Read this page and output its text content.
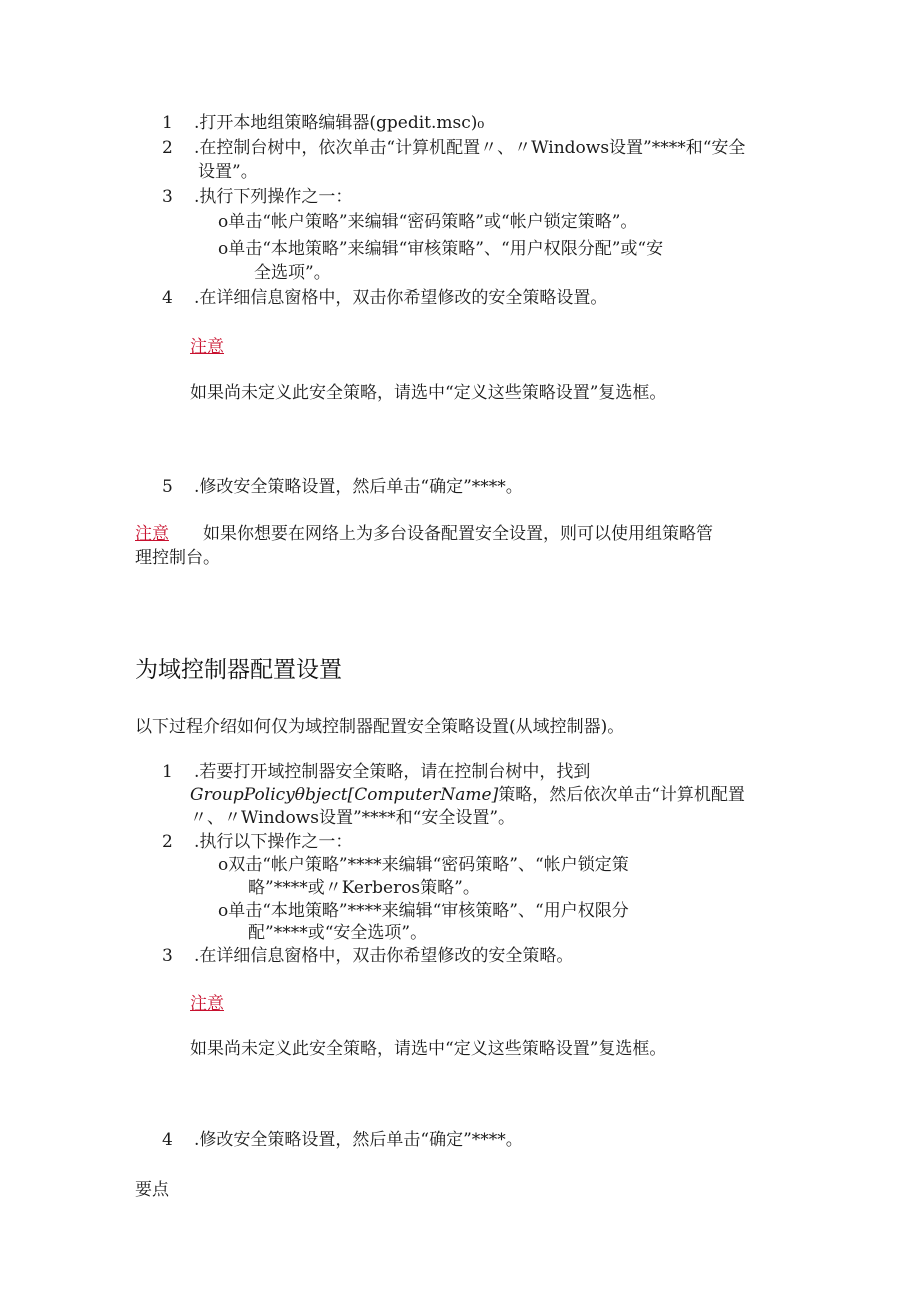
1 .打开本地组策略编辑器(gpedit.msc)₀
2 .在控制台树中，依次单击“计算机配置〃、〃Windows设置”****和“安全
设置”。
3 .执行下列操作之一：
o单击“帐户策略”来编辑“密码策略”或“帐户锁定策略”。
o单击“本地策略”来编辑“审核策略”、“用户权限分配”或“安
全选项”。
4 .在详细信息窗格中，双击你希望修改的安全策略设置。
注意
如果尚未定义此安全策略，请选中“定义这些策略设置”复选框。
5 .修改安全策略设置，然后单击“确定”****。
注意 如果你想要在网络上为多台设备配置安全设置，则可以使用组策略管
理控制台。
为域控制器配置设置
以下过程介绍如何仅为域控制器配置安全策略设置(从域控制器)。
1 .若要打开域控制器安全策略，请在控制台树中，找到
GroupPolicyθbject[ComputerName]策略，然后依次单击“计算机配置
〃、〃Windows设置”****和“安全设置”。
2 .执行以下操作之一：
o双击“帐户策略”****来编辑“密码策略”、“帐户锁定策
略”****或〃Kerberos策略”。
o单击“本地策略”****来编辑“审核策略”、“用户权限分
配”****或“安全选项”。
3 .在详细信息窗格中，双击你希望修改的安全策略。
注意
如果尚未定义此安全策略，请选中“定义这些策略设置”复选框。
4 .修改安全策略设置，然后单击“确定”****。
要点
